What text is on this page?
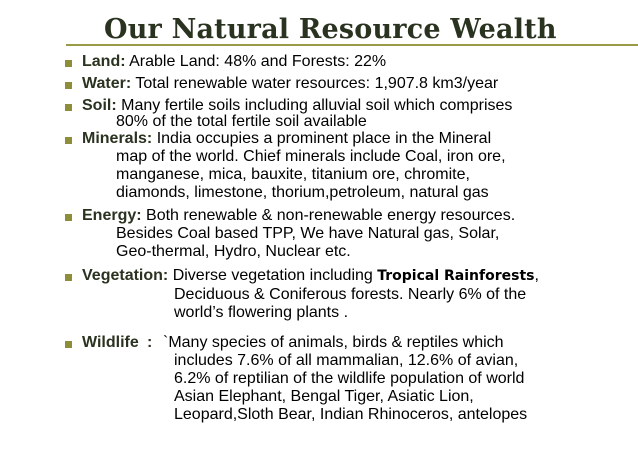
Our Natural Resource Wealth
Land: Arable Land: 48% and Forests: 22%
Water: Total renewable water resources: 1,907.8 km3/year
Soil: Many fertile soils including alluvial soil which comprises
80% of the total fertile soil available
Minerals: India occupies a prominent place in the Mineral
map of the world. Chief minerals include Coal, iron ore,
manganese, mica, bauxite, titanium ore, chromite,
diamonds, limestone, thorium,petroleum, natural gas
Energy: Both renewable & non-renewable energy resources.
Besides Coal based TPP, We have Natural gas, Solar,
Geo-thermal, Hydro, Nuclear etc.
Vegetation: Diverse vegetation including Tropical Rainforests,
Deciduous & Coniferous forests. Nearly 6% of the
world’s flowering plants .
Wildlife : `Many species of animals, birds & reptiles which
includes 7.6% of all mammalian, 12.6% of avian,
6.2% of reptilian of the wildlife population of world
Asian Elephant, Bengal Tiger, Asiatic Lion,
Leopard,Sloth Bear, Indian Rhinoceros, antelopes
